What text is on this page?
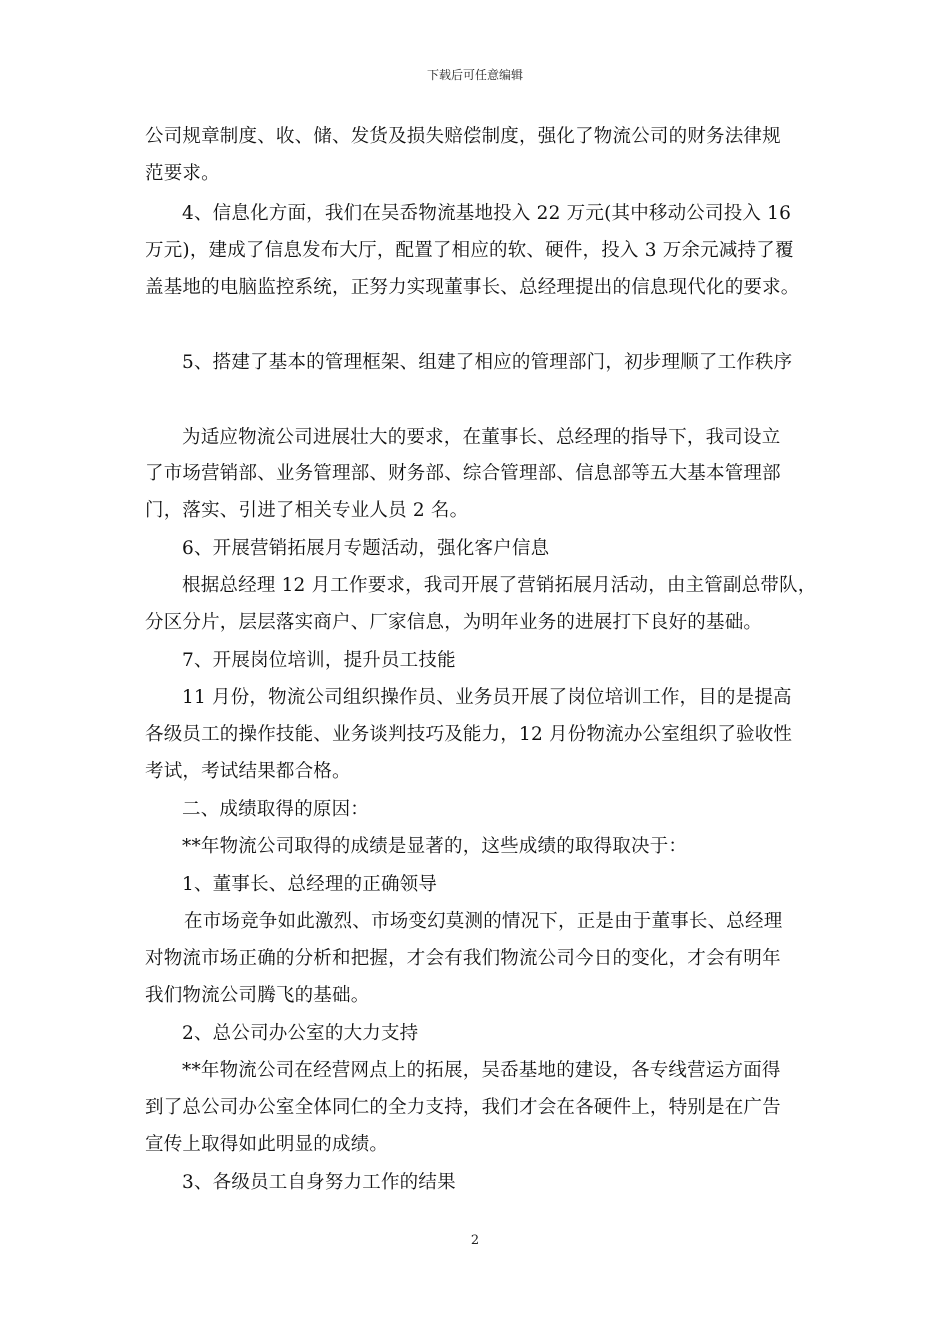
下载后可任意编辑
公司规章制度、收、储、发货及损失赔偿制度，强化了物流公司的财务法律规
范要求。
4、信息化方面，我们在吴岙物流基地投入 22 万元(其中移动公司投入 16
万元)，建成了信息发布大厅，配置了相应的软、硬件，投入 3 万余元减持了覆
盖基地的电脑监控系统，正努力实现董事长、总经理提出的信息现代化的要求。
5、搭建了基本的管理框架、组建了相应的管理部门，初步理顺了工作秩序
为适应物流公司进展壮大的要求，在董事长、总经理的指导下，我司设立
了市场营销部、业务管理部、财务部、综合管理部、信息部等五大基本管理部
门，落实、引进了相关专业人员 2 名。
6、开展营销拓展月专题活动，强化客户信息
根据总经理 12 月工作要求，我司开展了营销拓展月活动，由主管副总带队，
分区分片，层层落实商户、厂家信息，为明年业务的进展打下良好的基础。
7、开展岗位培训，提升员工技能
11 月份，物流公司组织操作员、业务员开展了岗位培训工作，目的是提高
各级员工的操作技能、业务谈判技巧及能力，12 月份物流办公室组织了验收性
考试，考试结果都合格。
二、成绩取得的原因：
**年物流公司取得的成绩是显著的，这些成绩的取得取决于：
1、董事长、总经理的正确领导
在市场竞争如此激烈、市场变幻莫测的情况下，正是由于董事长、总经理
对物流市场正确的分析和把握，才会有我们物流公司今日的变化，才会有明年
我们物流公司腾飞的基础。
2、总公司办公室的大力支持
**年物流公司在经营网点上的拓展，吴岙基地的建设，各专线营运方面得
到了总公司办公室全体同仁的全力支持，我们才会在各硬件上，特别是在广告
宣传上取得如此明显的成绩。
3、各级员工自身努力工作的结果
2
